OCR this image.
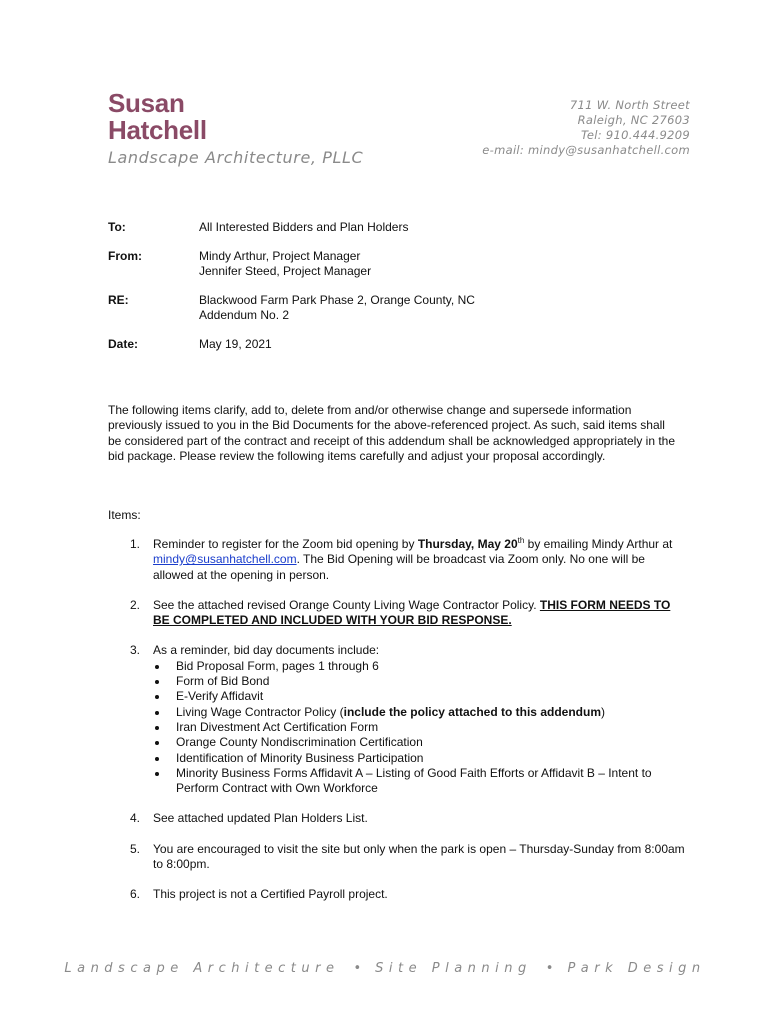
Susan
Hatchell
Landscape Architecture, PLLC
711 W. North Street
Raleigh, NC 27603
Tel: 910.444.9209
e-mail: mindy@susanhatchell.com
To:	All Interested Bidders and Plan Holders
From:	Mindy Arthur, Project Manager
Jennifer Steed, Project Manager
RE:	Blackwood Farm Park Phase 2, Orange County, NC
Addendum No. 2
Date:	May 19, 2021
The following items clarify, add to, delete from and/or otherwise change and supersede information previously issued to you in the Bid Documents for the above-referenced project. As such, said items shall be considered part of the contract and receipt of this addendum shall be acknowledged appropriately in the bid package. Please review the following items carefully and adjust your proposal accordingly.
Items:
1.	Reminder to register for the Zoom bid opening by Thursday, May 20th by emailing Mindy Arthur at mindy@susanhatchell.com. The Bid Opening will be broadcast via Zoom only. No one will be allowed at the opening in person.
2.	See the attached revised Orange County Living Wage Contractor Policy. THIS FORM NEEDS TO BE COMPLETED AND INCLUDED WITH YOUR BID RESPONSE.
3.	As a reminder, bid day documents include:
Bid Proposal Form, pages 1 through 6
Form of Bid Bond
E-Verify Affidavit
Living Wage Contractor Policy (include the policy attached to this addendum)
Iran Divestment Act Certification Form
Orange County Nondiscrimination Certification
Identification of Minority Business Participation
Minority Business Forms Affidavit A – Listing of Good Faith Efforts or Affidavit B – Intent to Perform Contract with Own Workforce
4.	See attached updated Plan Holders List.
5.	You are encouraged to visit the site but only when the park is open – Thursday-Sunday from 8:00am to 8:00pm.
6.	This project is not a Certified Payroll project.
Landscape Architecture • Site Planning • Park Design
